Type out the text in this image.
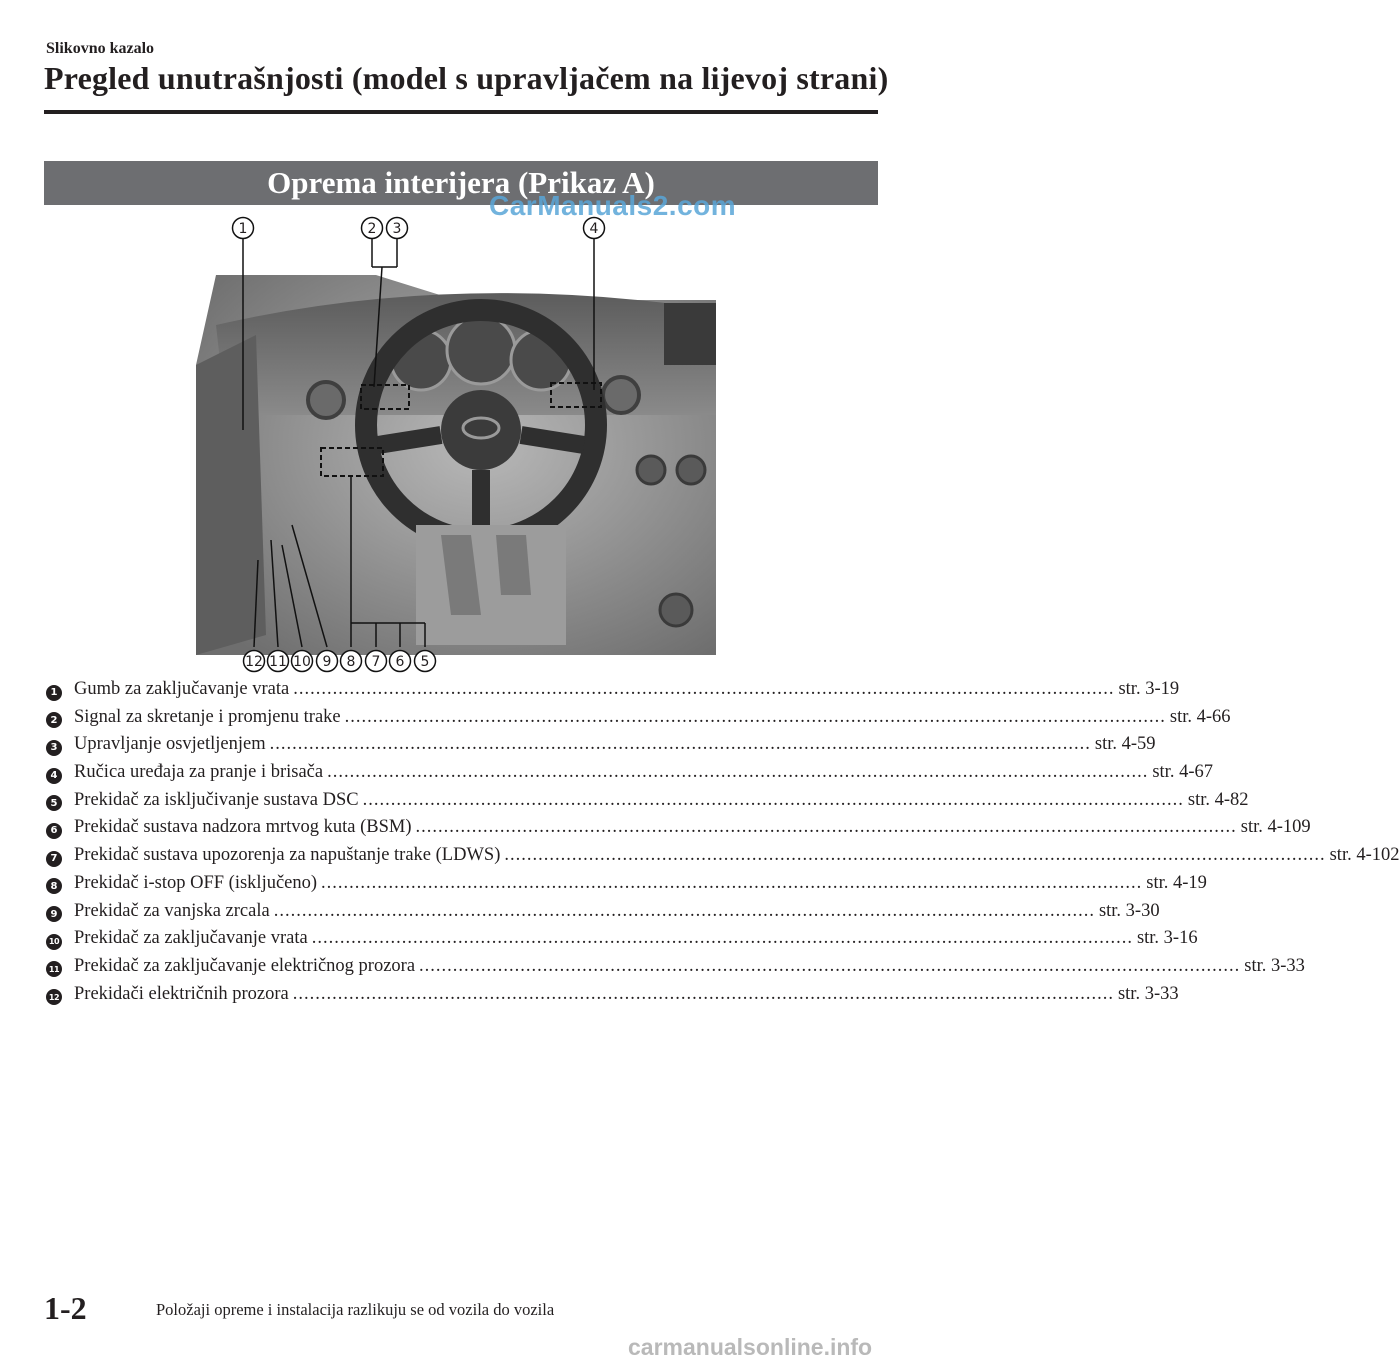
Slikovno kazalo
Pregled unutrašnjosti (model s upravljačem na lijevoj strani)
Oprema interijera (Prikaz A)
1	2 3	4
12 11 10 9 8 7 6 5
CarManuals2.com
1 Gumb za zaključavanje vrata .................................................................................................................................................. str. 3-19
2 Signal za skretanje i promjenu trake .................................................................................................................................................. str. 4-66
3 Upravljanje osvjetljenjem .................................................................................................................................................. str. 4-59
4 Ručica uređaja za pranje i brisača .................................................................................................................................................. str. 4-67
5 Prekidač za isključivanje sustava DSC .................................................................................................................................................. str. 4-82
6 Prekidač sustava nadzora mrtvog kuta (BSM) .................................................................................................................................................. str. 4-109
7 Prekidač sustava upozorenja za napuštanje trake (LDWS) .................................................................................................................................................. str. 4-102
8 Prekidač i-stop OFF (isključeno) .................................................................................................................................................. str. 4-19
9 Prekidač za vanjska zrcala .................................................................................................................................................. str. 3-30
10 Prekidač za zaključavanje vrata .................................................................................................................................................. str. 3-16
11 Prekidač za zaključavanje električnog prozora .................................................................................................................................................. str. 3-33
12 Prekidači električnih prozora .................................................................................................................................................. str. 3-33
1-2	Položaji opreme i instalacija razlikuju se od vozila do vozila
carmanualsonline.info
